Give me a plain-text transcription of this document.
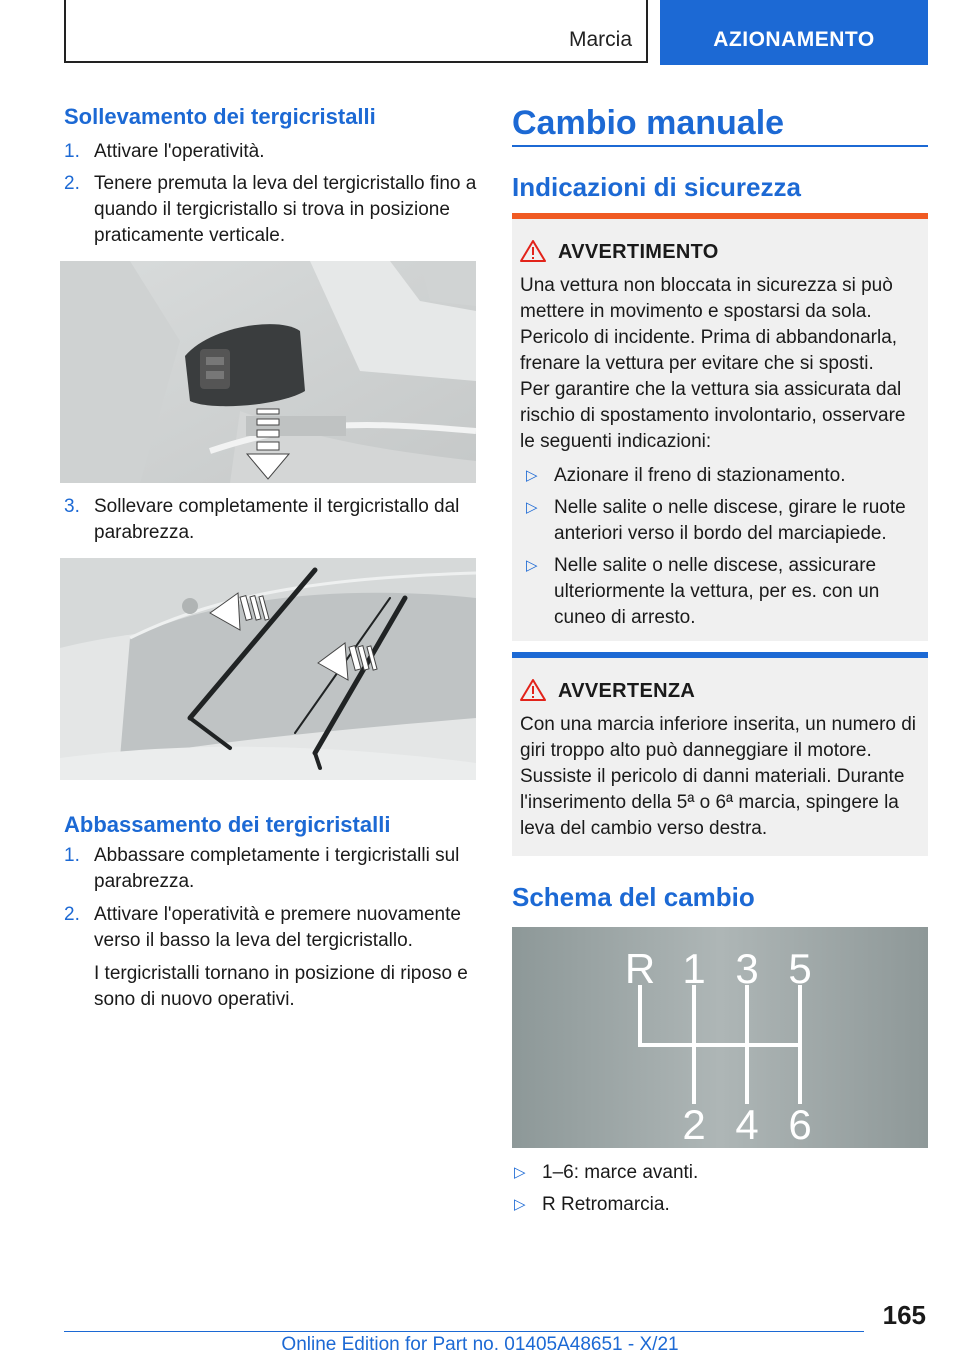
Marcia	AZIONAMENTO
Sollevamento dei tergicristalli
1. Attivare l'operatività.
2. Tenere premuta la leva del tergicristallo fino a quando il tergicristallo si trova in posizione praticamente verticale.
3. Sollevare completamente il tergicristallo dal parabrezza.
Abbassamento dei tergicristalli
1. Abbassare completamente i tergicristalli sul parabrezza.
2. Attivare l'operatività e premere nuovamente verso il basso la leva del tergicristallo.

I tergicristalli tornano in posizione di riposo e sono di nuovo operativi.

Cambio manuale
Indicazioni di sicurezza
AVVERTIMENTO

Una vettura non bloccata in sicurezza si può mettere in movimento e spostarsi da sola. Pericolo di incidente. Prima di abbandonarla, frenare la vettura per evitare che si sposti.

Per garantire che la vettura sia assicurata dal rischio di spostamento involontario, osservare le seguenti indicazioni:

▷ Azionare il freno di stazionamento.
▷ Nelle salite o nelle discese, girare le ruote anteriori verso il bordo del marciapiede.
▷ Nelle salite o nelle discese, assicurare ulteriormente la vettura, per es. con un cuneo di arresto.
AVVERTENZA

Con una marcia inferiore inserita, un numero di giri troppo alto può danneggiare il motore. Sussiste il pericolo di danni materiali. Durante l'inserimento della 5ª o 6ª marcia, spingere la leva del cambio verso destra.

Schema del cambio
R 1 3 5
2 4 6
▷ 1–6: marce avanti.
▷ R Retromarcia.
165
Online Edition for Part no. 01405A48651 - X/21
